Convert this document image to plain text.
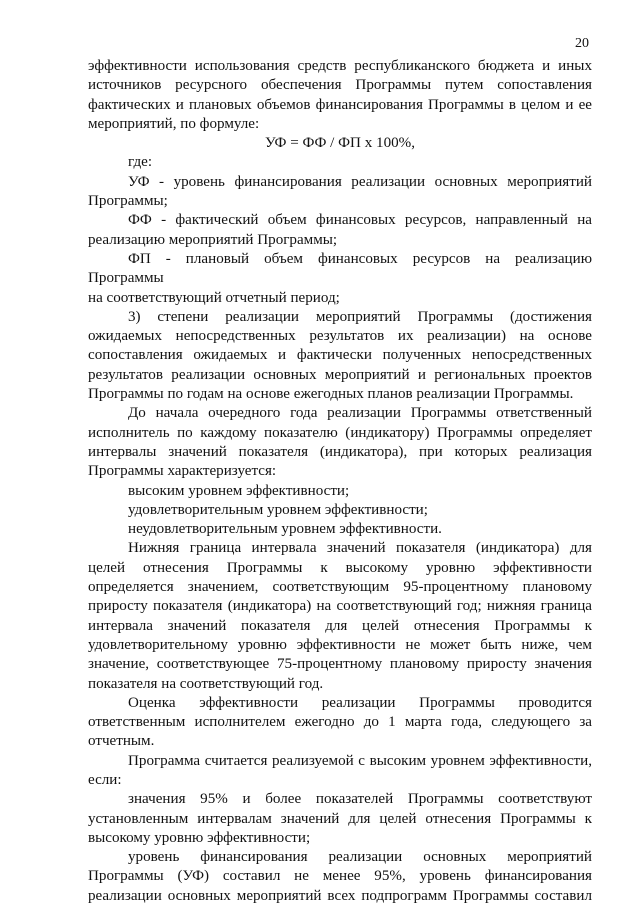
20

эффективности использования средств республиканского бюджета и иных

источников ресурсного обеспечения Программы путем сопоставления

фактических и плановых объемов финансирования Программы в целом и ее

мероприятий, по формуле:

УФ = ФФ / ФП х 100%,

где:

УФ - уровень финансирования реализации основных мероприятий

Программы;

ФФ - фактический объем финансовых ресурсов, направленный на

реализацию мероприятий Программы;

ФП - плановый объем финансовых ресурсов на реализацию Программы

на соответствующий отчетный период;

3) степени реализации мероприятий Программы (достижения

ожидаемых непосредственных результатов их реализации) на основе

сопоставления ожидаемых и фактически полученных непосредственных

результатов реализации основных мероприятий и региональных проектов

Программы по годам на основе ежегодных планов реализации Программы.

До начала очередного года реализации Программы ответственный

исполнитель по каждому показателю (индикатору) Программы определяет

интервалы значений показателя (индикатора), при которых реализация

Программы характеризуется:

высоким уровнем эффективности;

удовлетворительным уровнем эффективности;

неудовлетворительным уровнем эффективности.

Нижняя граница интервала значений показателя (индикатора) для

целей отнесения Программы к высокому уровню эффективности

определяется значением, соответствующим 95-процентному плановому

приросту показателя (индикатора) на соответствующий год; нижняя граница

интервала значений показателя для целей отнесения Программы к

удовлетворительному уровню эффективности не может быть ниже, чем

значение, соответствующее 75-процентному плановому приросту значения

показателя на соответствующий год.

Оценка эффективности реализации Программы проводится

ответственным исполнителем ежегодно до 1 марта года, следующего за

отчетным.

Программа считается реализуемой с высоким уровнем эффективности,

если:

значения 95% и более показателей Программы соответствуют

установленным интервалам значений для целей отнесения Программы к

высокому уровню эффективности;

уровень финансирования реализации основных мероприятий

Программы (УФ) составил не менее 95%, уровень финансирования

реализации основных мероприятий всех подпрограмм Программы составил
